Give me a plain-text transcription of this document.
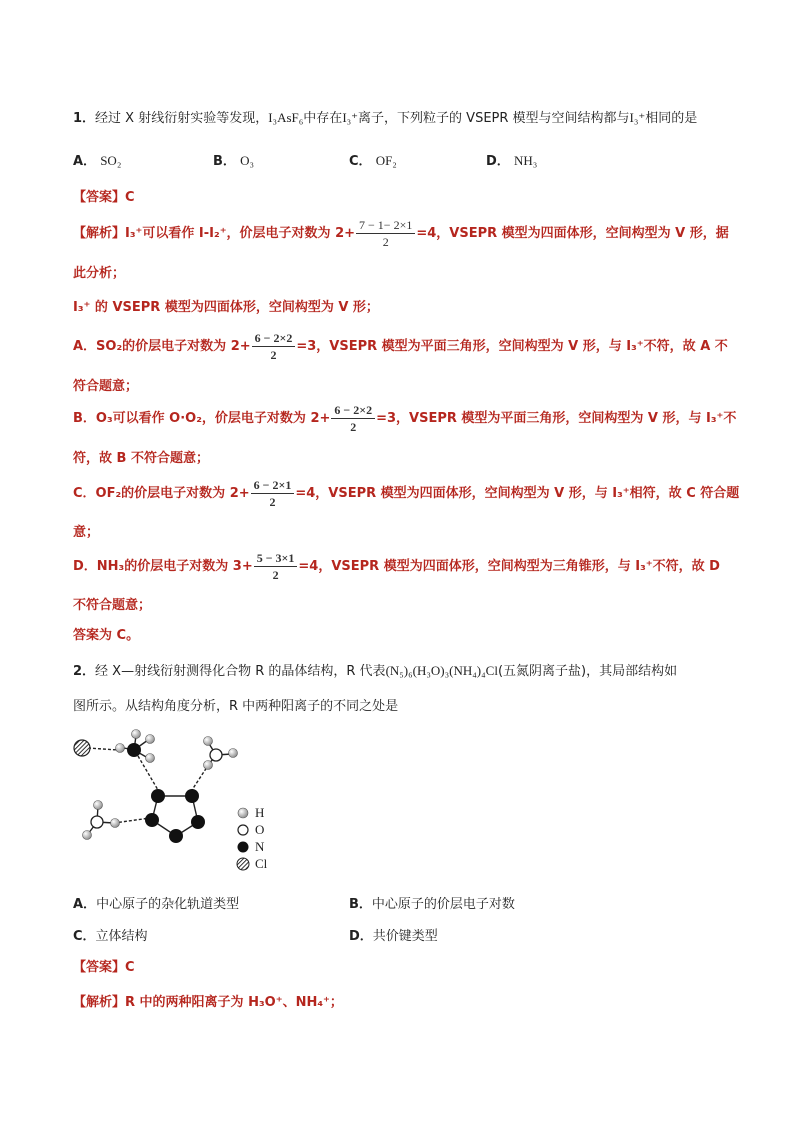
1．经过 X 射线衍射实验等发现，I₃AsF₆中存在I₃⁺离子，下列粒子的 VSEPR 模型与空间结构都与I₃⁺相同的是
A． SO₂	B． O₃	C． OF₂	D． NH₃
【答案】C
【解析】I₃⁺可以看作 I-I₂⁺，价层电子对数为 $2+ \frac{7 - 1- 2\times 1}{2} =4$，VSEPR 模型为四面体形，空间构型为 V 形，据
此分析；
I₃⁺ 的 VSEPR 模型为四面体形，空间构型为 V 形；
A．SO₂的价层电子对数为 $2+ \frac{6 - 2\times 2}{2} =3$，VSEPR 模型为平面三角形，空间构型为 V 形，与 I₃⁺不符，故 A 不
符合题意；
B．O₃可以看作 O·O₂，价层电子对数为 $2+ \frac{6 - 2\times 2}{2} =3$，VSEPR 模型为平面三角形，空间构型为 V 形，与 I₃⁺不
符，故 B 不符合题意；
C．OF₂的价层电子对数为 $2+ \frac{6 - 2\times 1}{2} =4$，VSEPR 模型为四面体形，空间构型为 V 形，与 I₃⁺相符，故 C 符合题
意；
D．NH₃的价层电子对数为 $3+ \frac{5 - 3\times 1}{2} =4$，VSEPR 模型为四面体形，空间构型为三角锥形，与 I₃⁺不符，故 D
不符合题意；
答案为 C。
2．经 X—射线衍射测得化合物 R 的晶体结构，R 代表(N₅)₆(H₃O)₃(NH₄)₄Cl(五氮阴离子盐)，其局部结构如
图所示。从结构角度分析，R 中两种阳离子的不同之处是
H
O
N
Cl
A．中心原子的杂化轨道类型	B．中心原子的价层电子对数
C．立体结构	D．共价键类型
【答案】C
【解析】R 中的两种阳离子为 H₃O⁺、NH₄⁺；
